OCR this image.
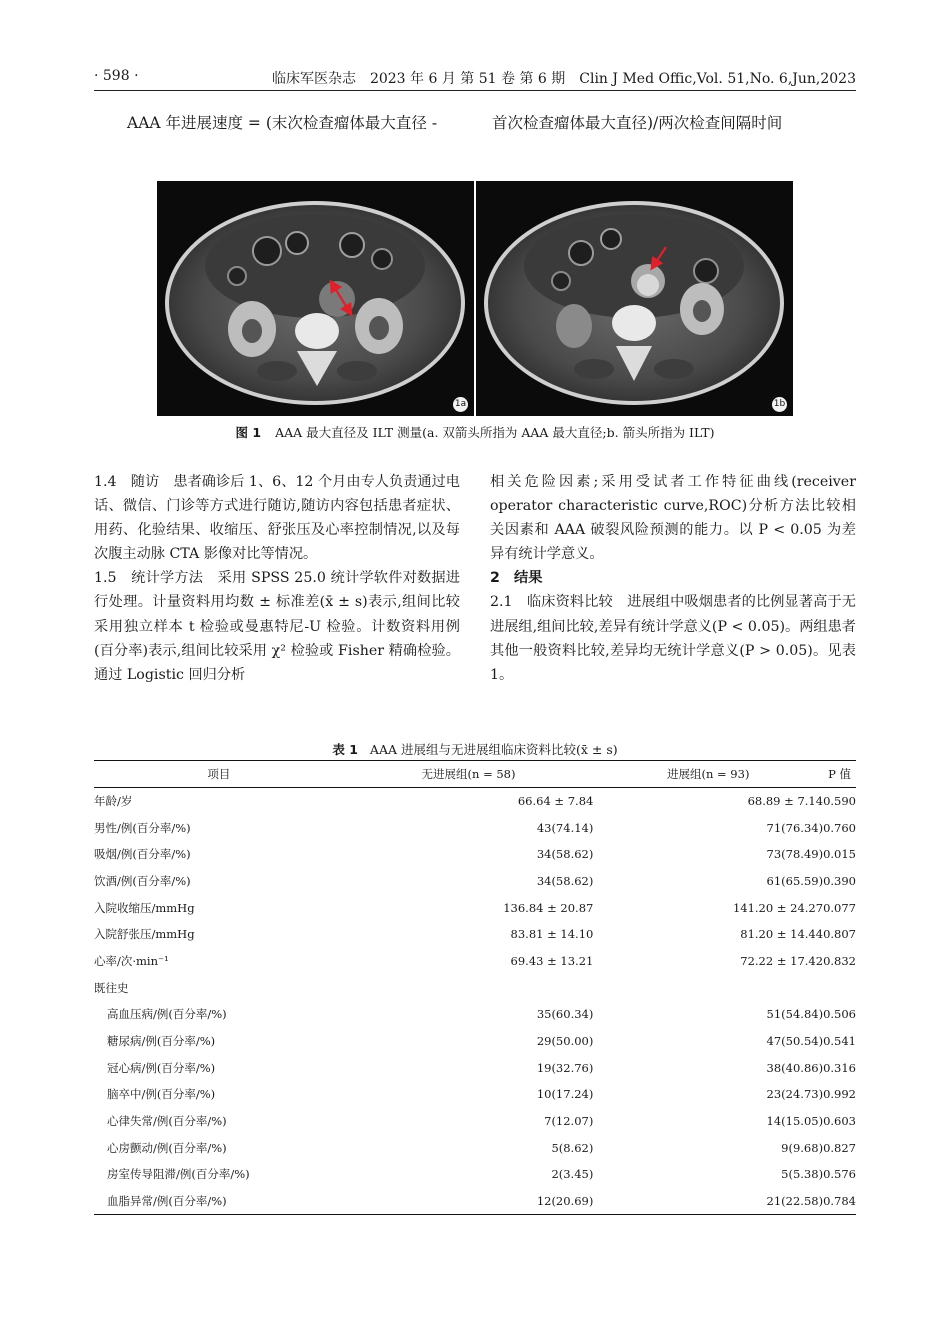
· 598 ·	临床军医杂志　2023 年 6 月 第 51 卷 第 6 期　Clin J Med Offic,Vol. 51,No. 6,Jun,2023
AAA 年进展速度 = (末次检查瘤体最大直径 -	首次检查瘤体最大直径)/两次检查间隔时间
1a	1b
图 1 AAA 最大直径及 ILT 测量(a. 双箭头所指为 AAA 最大直径;b. 箭头所指为 ILT)

1.4　随访　患者确诊后 1、6、12 个月由专人负责通过电话、微信、门诊等方式进行随访,随访内容包括患者症状、用药、化验结果、收缩压、舒张压及心率控制情况,以及每次腹主动脉 CTA 影像对比等情况。

1.5　统计学方法　采用 SPSS 25.0 统计学软件对数据进行处理。计量资料用均数 ± 标准差(x̄ ± s)表示,组间比较采用独立样本 t 检验或曼惠特尼-U 检验。计数资料用例(百分率)表示,组间比较采用 χ² 检验或 Fisher 精确检验。通过 Logistic 回归分析

相关危险因素;采用受试者工作特征曲线(receiver operator characteristic curve,ROC)分析方法比较相关因素和 AAA 破裂风险预测的能力。以 P < 0.05 为差异有统计学意义。

2　结果

2.1　临床资料比较　进展组中吸烟患者的比例显著高于无进展组,组间比较,差异有统计学意义(P < 0.05)。两组患者其他一般资料比较,差异均无统计学意义(P > 0.05)。见表 1。

表 1 AAA 进展组与无进展组临床资料比较(x̄ ± s)
项目	无进展组(n = 58)	进展组(n = 93)	P 值
年龄/岁	66.64 ± 7.84	68.89 ± 7.14	0.590
男性/例(百分率/%)	43(74.14)	71(76.34)	0.760
吸烟/例(百分率/%)	34(58.62)	73(78.49)	0.015
饮酒/例(百分率/%)	34(58.62)	61(65.59)	0.390
入院收缩压/mmHg	136.84 ± 20.87	141.20 ± 24.27	0.077
入院舒张压/mmHg	83.81 ± 14.10	81.20 ± 14.44	0.807
心率/次·min⁻¹	69.43 ± 13.21	72.22 ± 17.42	0.832
既往史			
高血压病/例(百分率/%)	35(60.34)	51(54.84)	0.506
糖尿病/例(百分率/%)	29(50.00)	47(50.54)	0.541
冠心病/例(百分率/%)	19(32.76)	38(40.86)	0.316
脑卒中/例(百分率/%)	10(17.24)	23(24.73)	0.992
心律失常/例(百分率/%)	7(12.07)	14(15.05)	0.603
心房颤动/例(百分率/%)	5(8.62)	9(9.68)	0.827
房室传导阻滞/例(百分率/%)	2(3.45)	5(5.38)	0.576
血脂异常/例(百分率/%)	12(20.69)	21(22.58)	0.784
